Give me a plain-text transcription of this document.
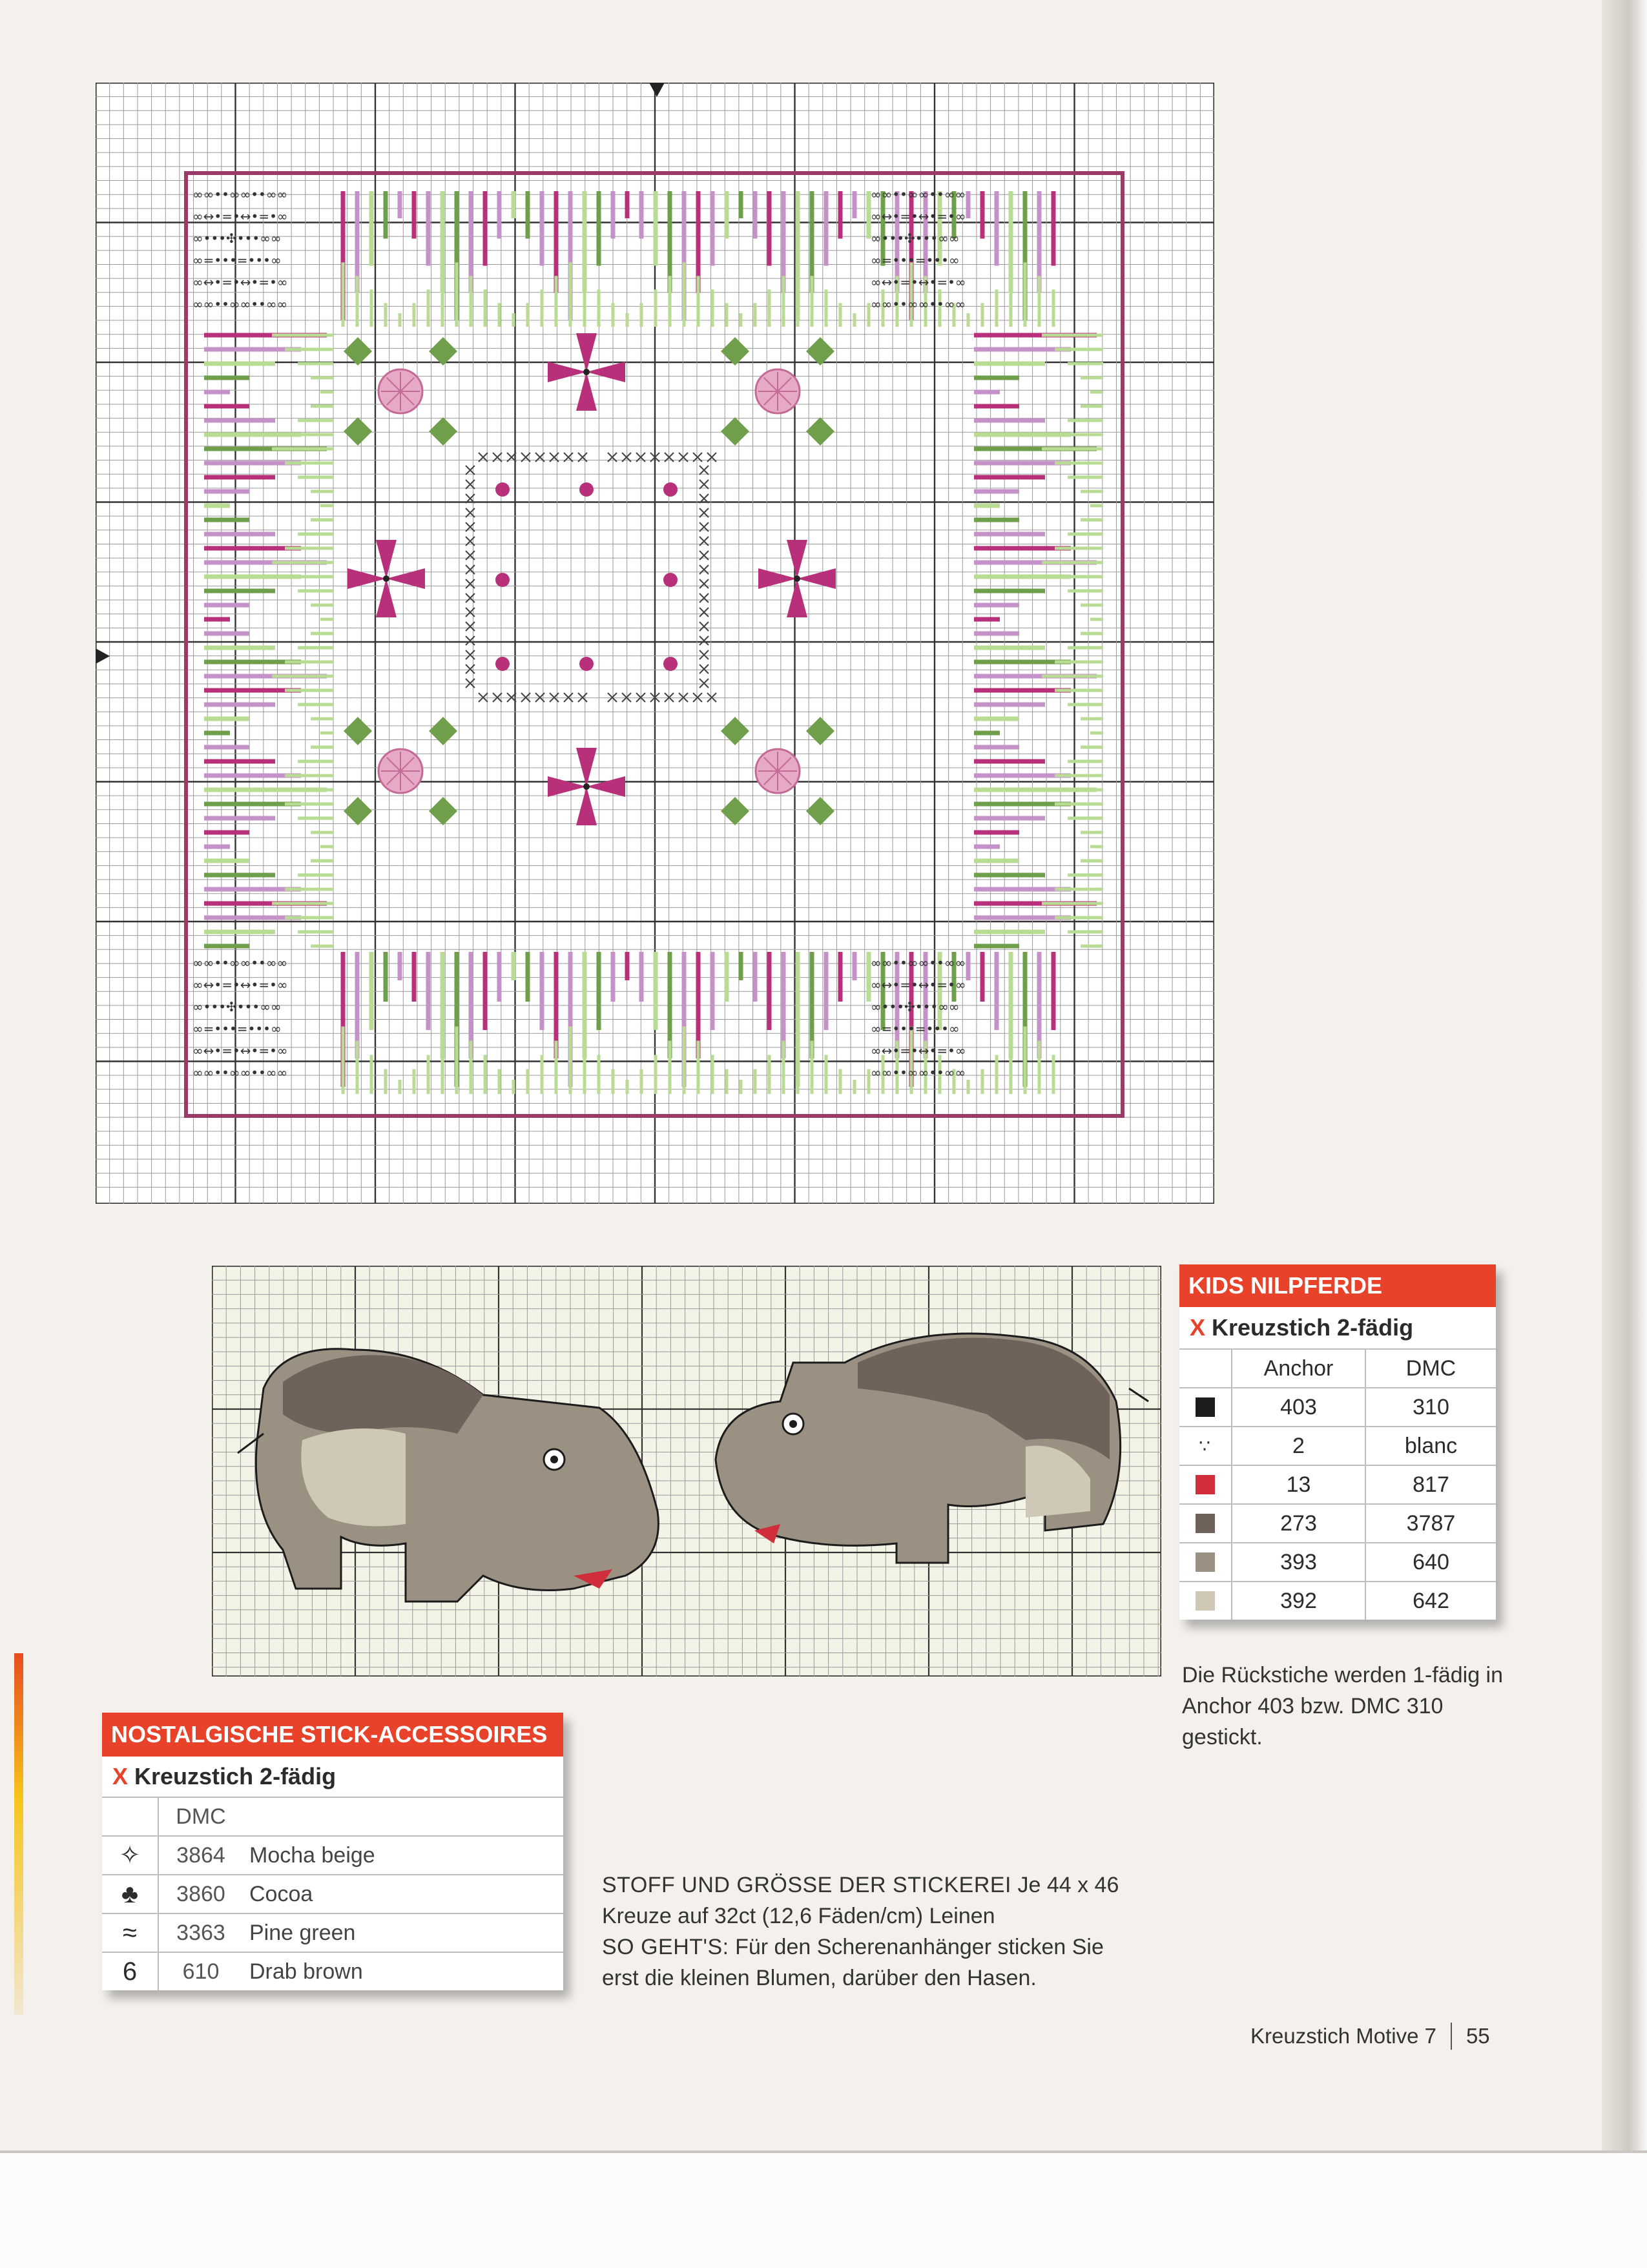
∞∞••∞∞••∞∞
∞↔•=•↔•=•∞
∞•••✣•••∞∞
∞=•••=•••∞
∞↔•=•↔•=•∞
∞∞••∞∞••∞∞
∞∞••∞∞••∞∞
∞↔•=•↔•=•∞
∞•••✣•••∞∞
∞=•••=•••∞
∞↔•=•↔•=•∞
∞∞••∞∞••∞∞
∞∞••∞∞••∞∞
∞↔•=•↔•=•∞
∞•••✣•••∞∞
∞=•••=•••∞
∞↔•=•↔•=•∞
∞∞••∞∞••∞∞
∞∞••∞∞••∞∞
∞↔•=•↔•=•∞
∞•••✣•••∞∞
∞=•••=•••∞
∞↔•=•↔•=•∞
∞∞••∞∞••∞∞
KIDS NILPFERDE
X Kreuzstich 2-fädig
Anchor	DMC
403	310
∵	2	blanc
13	817
273	3787
393	640
392	642
Die Rückstiche werden 1-fädig in Anchor 403 bzw. DMC 310 gestickt.
NOSTALGISCHE STICK-ACCESSOIRES
X Kreuzstich 2-fädig
DMC
✧	3864	Mocha beige
♣	3860	Cocoa
≈	3363	Pine green
6	610	Drab brown
STOFF UND GRÖSSE DER STICKEREI Je 44 x 46 Kreuze auf 32ct (12,6 Fäden/cm) Leinen
SO GEHT'S: Für den Scherenanhänger sticken Sie erst die kleinen Blumen, darüber den Hasen.
Kreuzstich Motive 7 55
